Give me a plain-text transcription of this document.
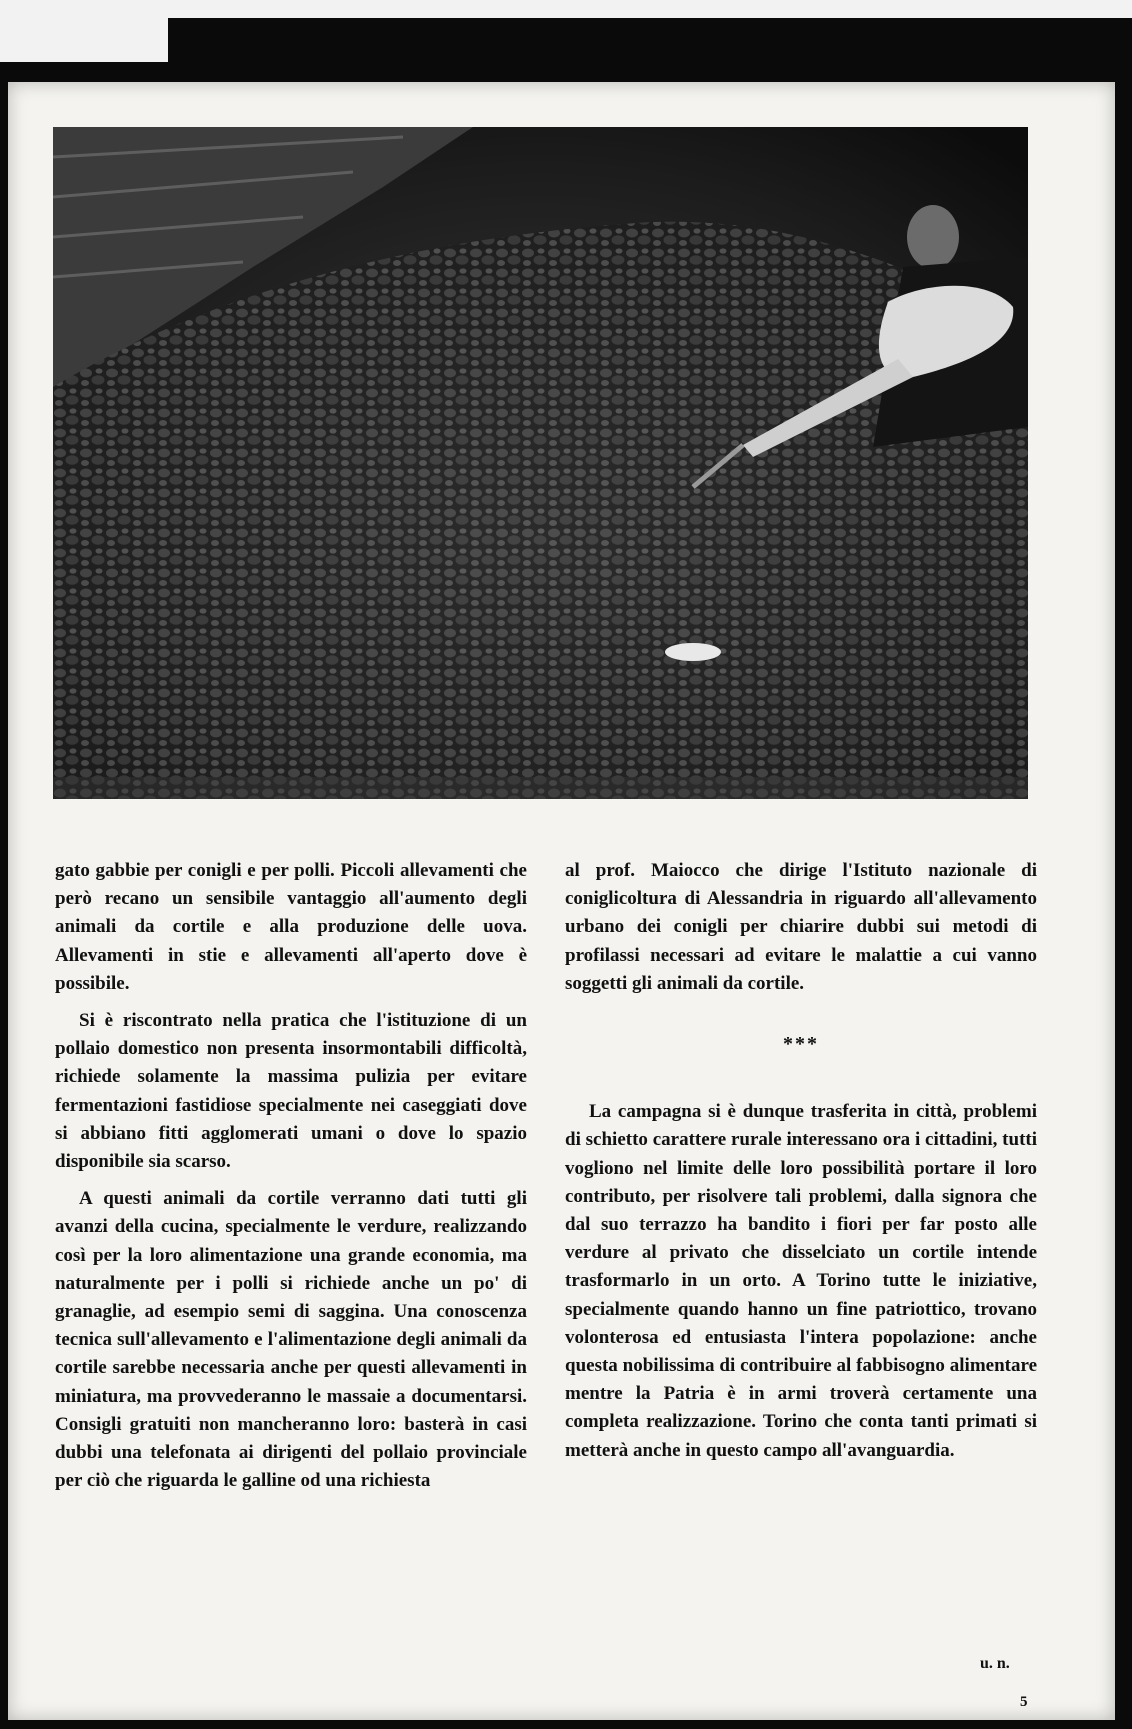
gato gabbie per conigli e per polli. Piccoli allevamenti che però recano un sensibile vantaggio all'aumento degli animali da cortile e alla produzione delle uova. Allevamenti in stie e allevamenti all'aperto dove è possibile.

Si è riscontrato nella pratica che l'istituzione di un pollaio domestico non presenta insormontabili difficoltà, richiede solamente la massima pulizia per evitare fermentazioni fastidiose specialmente nei caseggiati dove si abbiano fitti agglomerati umani o dove lo spazio disponibile sia scarso.

A questi animali da cortile verranno dati tutti gli avanzi della cucina, specialmente le verdure, realizzando così per la loro alimentazione una grande economia, ma naturalmente per i polli si richiede anche un po' di granaglie, ad esempio semi di saggina. Una conoscenza tecnica sull'allevamento e l'alimentazione degli animali da cortile sarebbe necessaria anche per questi allevamenti in miniatura, ma provvederanno le massaie a documentarsi. Consigli gratuiti non mancheranno loro: basterà in casi dubbi una telefonata ai dirigenti del pollaio provinciale per ciò che riguarda le galline od una richiesta

al prof. Maiocco che dirige l'Istituto nazionale di coniglicoltura di Alessandria in riguardo all'allevamento urbano dei conigli per chiarire dubbi sui metodi di profilassi necessari ad evitare le malattie a cui vanno soggetti gli animali da cortile.

***

La campagna si è dunque trasferita in città, problemi di schietto carattere rurale interessano ora i cittadini, tutti vogliono nel limite delle loro possibilità portare il loro contributo, per risolvere tali problemi, dalla signora che dal suo terrazzo ha bandito i fiori per far posto alle verdure al privato che disselciato un cortile intende trasformarlo in un orto. A Torino tutte le iniziative, specialmente quando hanno un fine patriottico, trovano volonterosa ed entusiasta l'intera popolazione: anche questa nobilissima di contribuire al fabbisogno alimentare mentre la Patria è in armi troverà certamente una completa realizzazione. Torino che conta tanti primati si metterà anche in questo campo all'avanguardia.

u. n.
5
